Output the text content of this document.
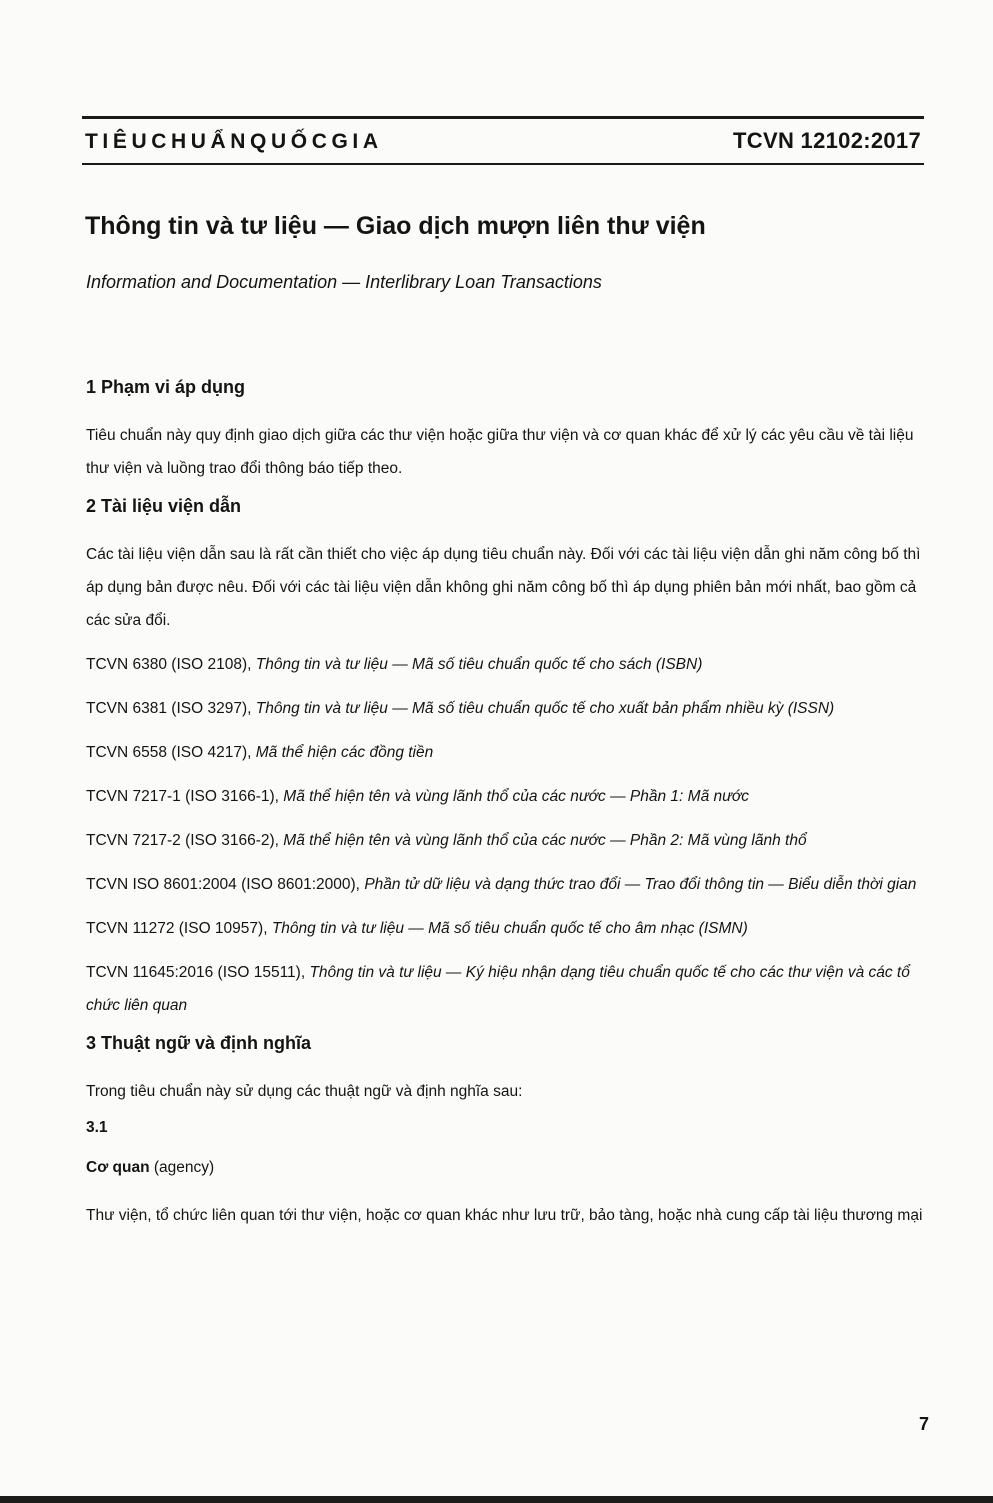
TIÊUCHUẨNQUỐCGIA	TCVN 12102:2017
Thông tin và tư liệu — Giao dịch mượn liên thư viện
Information and Documentation — Interlibrary Loan Transactions
1 Phạm vi áp dụng
Tiêu chuẩn này quy định giao dịch giữa các thư viện hoặc giữa thư viện và cơ quan khác để xử lý các yêu cầu về tài liệu thư viện và luồng trao đổi thông báo tiếp theo.
2 Tài liệu viện dẫn
Các tài liệu viện dẫn sau là rất cần thiết cho việc áp dụng tiêu chuẩn này. Đối với các tài liệu viện dẫn ghi năm công bố thì áp dụng bản được nêu. Đối với các tài liệu viện dẫn không ghi năm công bố thì áp dụng phiên bản mới nhất, bao gồm cả các sửa đổi.
TCVN 6380 (ISO 2108), Thông tin và tư liệu — Mã số tiêu chuẩn quốc tế cho sách (ISBN)
TCVN 6381 (ISO 3297), Thông tin và tư liệu — Mã số tiêu chuẩn quốc tế cho xuất bản phẩm nhiều kỳ (ISSN)
TCVN 6558 (ISO 4217), Mã thể hiện các đồng tiền
TCVN 7217-1 (ISO 3166-1), Mã thể hiện tên và vùng lãnh thổ của các nước — Phần 1: Mã nước
TCVN 7217-2 (ISO 3166-2), Mã thể hiện tên và vùng lãnh thổ của các nước — Phần 2: Mã vùng lãnh thổ
TCVN ISO 8601:2004 (ISO 8601:2000), Phần tử dữ liệu và dạng thức trao đổi — Trao đổi thông tin — Biểu diễn thời gian
TCVN 11272 (ISO 10957), Thông tin và tư liệu — Mã số tiêu chuẩn quốc tế cho âm nhạc (ISMN)
TCVN 11645:2016 (ISO 15511), Thông tin và tư liệu — Ký hiệu nhận dạng tiêu chuẩn quốc tế cho các thư viện và các tổ chức liên quan
3 Thuật ngữ và định nghĩa
Trong tiêu chuẩn này sử dụng các thuật ngữ và định nghĩa sau:
3.1
Cơ quan (agency)
Thư viện, tổ chức liên quan tới thư viện, hoặc cơ quan khác như lưu trữ, bảo tàng, hoặc nhà cung cấp tài liệu thương mại
7
